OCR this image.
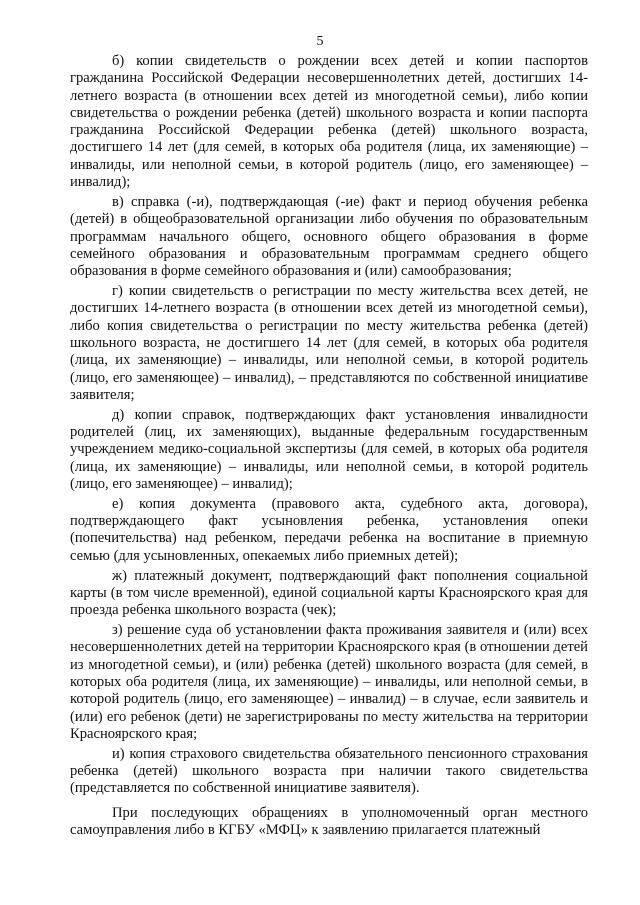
5

б) копии свидетельств о рождении всех детей и копии паспортов гражданина Российской Федерации несовершеннолетних детей, достигших 14-летнего возраста (в отношении всех детей из многодетной семьи), либо копии свидетельства о рождении ребенка (детей) школьного возраста и копии паспорта гражданина Российской Федерации ребенка (детей) школьного возраста, достигшего 14 лет (для семей, в которых оба родителя (лица, их заменяющие) – инвалиды, или неполной семьи, в которой родитель (лицо, его заменяющее) – инвалид);

в) справка (-и), подтверждающая (-ие) факт и период обучения ребенка (детей) в общеобразовательной организации либо обучения по образовательным программам начального общего, основного общего образования в форме семейного образования и образовательным программам среднего общего образования в форме семейного образования и (или) самообразования;

г) копии свидетельств о регистрации по месту жительства всех детей, не достигших 14-летнего возраста (в отношении всех детей из многодетной семьи), либо копия свидетельства о регистрации по месту жительства ребенка (детей) школьного возраста, не достигшего 14 лет (для семей, в которых оба родителя (лица, их заменяющие) – инвалиды, или неполной семьи, в которой родитель (лицо, его заменяющее) – инвалид), – представляются по собственной инициативе заявителя;

д) копии справок, подтверждающих факт установления инвалидности родителей (лиц, их заменяющих), выданные федеральным государственным учреждением медико-социальной экспертизы (для семей, в которых оба родителя (лица, их заменяющие) – инвалиды, или неполной семьи, в которой родитель (лицо, его заменяющее) – инвалид);

е) копия документа (правового акта, судебного акта, договора), подтверждающего факт усыновления ребенка, установления опеки (попечительства) над ребенком, передачи ребенка на воспитание в приемную семью (для усыновленных, опекаемых либо приемных детей);

ж) платежный документ, подтверждающий факт пополнения социальной карты (в том числе временной), единой социальной карты Красноярского края для проезда ребенка школьного возраста (чек);

з) решение суда об установлении факта проживания заявителя и (или) всех несовершеннолетних детей на территории Красноярского края (в отношении детей из многодетной семьи), и (или) ребенка (детей) школьного возраста (для семей, в которых оба родителя (лица, их заменяющие) – инвалиды, или неполной семьи, в которой родитель (лицо, его заменяющее) – инвалид) – в случае, если заявитель и (или) его ребенок (дети) не зарегистрированы по месту жительства на территории Красноярского края;

и) копия страхового свидетельства обязательного пенсионного страхования ребенка (детей) школьного возраста при наличии такого свидетельства (представляется по собственной инициативе заявителя).

При последующих обращениях в уполномоченный орган местного самоуправления либо в КГБУ «МФЦ» к заявлению прилагается платежный
